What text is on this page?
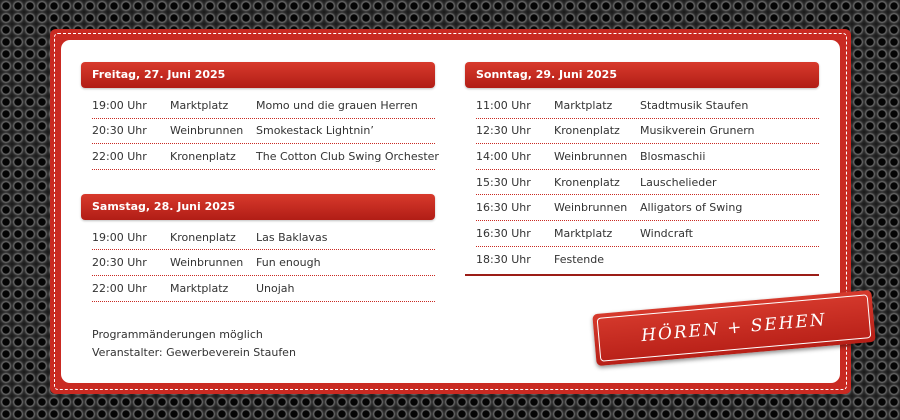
Freitag, 27. Juni 2025
19:00 Uhr	Marktplatz	Momo und die grauen Herren
20:30 Uhr	Weinbrunnen	Smokestack Lightnin’
22:00 Uhr	Kronenplatz	The Cotton Club Swing Orchester
Samstag, 28. Juni 2025
19:00 Uhr	Kronenplatz	Las Baklavas
20:30 Uhr	Weinbrunnen	Fun enough
22:00 Uhr	Marktplatz	Unojah
Sonntag, 29. Juni 2025
11:00 Uhr	Marktplatz	Stadtmusik Staufen
12:30 Uhr	Kronenplatz	Musikverein Grunern
14:00 Uhr	Weinbrunnen	Blosmaschii
15:30 Uhr	Kronenplatz	Lauschelieder
16:30 Uhr	Weinbrunnen	Alligators of Swing
16:30 Uhr	Marktplatz	Windcraft
18:30 Uhr	Festende
Programmänderungen möglich
Veranstalter: Gewerbeverein Staufen
HÖREN + SEHEN
